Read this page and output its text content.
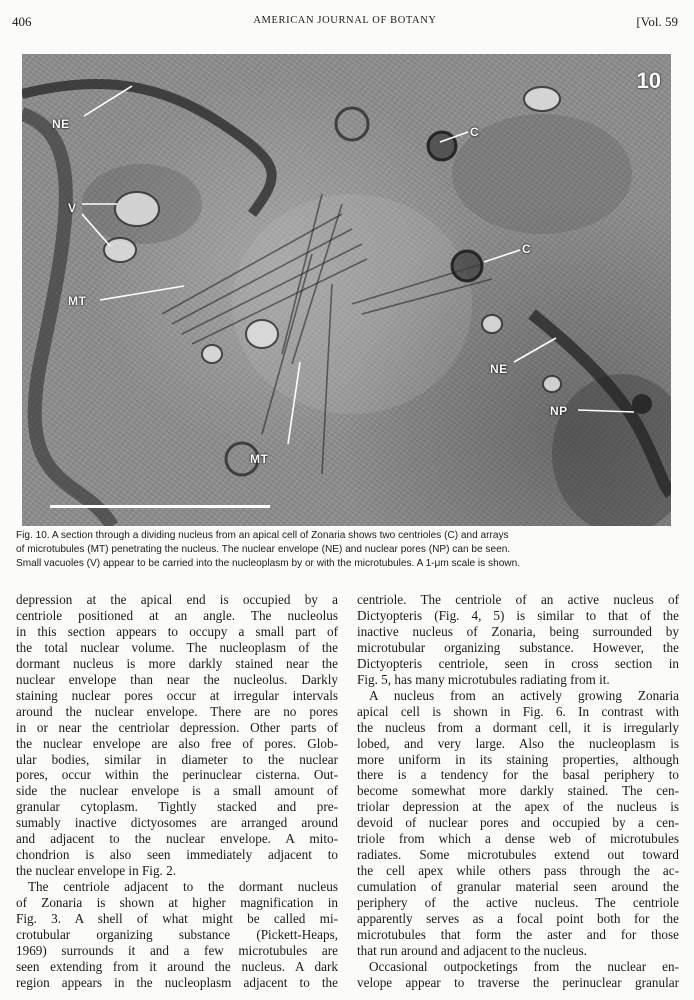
406	AMERICAN JOURNAL OF BOTANY	[Vol. 59
NE
V
MT
C
C
NE
NP
MT
10
Fig. 10. A section through a dividing nucleus from an apical cell of Zonaria shows two centrioles (C) and arrays
of microtubules (MT) penetrating the nucleus. The nuclear envelope (NE) and nuclear pores (NP) can be seen.
Small vacuoles (V) appear to be carried into the nucleoplasm by or with the microtubules. A 1-μm scale is shown.
depression at the apical end is occupied by a
centriole positioned at an angle. The nucleolus
in this section appears to occupy a small part of
the total nuclear volume. The nucleoplasm of the
dormant nucleus is more darkly stained near the
nuclear envelope than near the nucleolus. Darkly
staining nuclear pores occur at irregular intervals
around the nuclear envelope. There are no pores
in or near the centriolar depression. Other parts of
the nuclear envelope are also free of pores. Glob-
ular bodies, similar in diameter to the nuclear
pores, occur within the perinuclear cisterna. Out-
side the nuclear envelope is a small amount of
granular cytoplasm. Tightly stacked and pre-
sumably inactive dictyosomes are arranged around
and adjacent to the nuclear envelope. A mito-
chondrion is also seen immediately adjacent to
the nuclear envelope in Fig. 2.
The centriole adjacent to the dormant nucleus
of Zonaria is shown at higher magnification in
Fig. 3. A shell of what might be called mi-
crotubular organizing substance (Pickett-Heaps,
1969) surrounds it and a few microtubules are
seen extending from it around the nucleus. A dark
region appears in the nucleoplasm adjacent to the
centriole. The centriole of an active nucleus of
Dictyopteris (Fig. 4, 5) is similar to that of the
inactive nucleus of Zonaria, being surrounded by
microtubular organizing substance. However, the
Dictyopteris centriole, seen in cross section in
Fig. 5, has many microtubules radiating from it.
A nucleus from an actively growing Zonaria
apical cell is shown in Fig. 6. In contrast with
the nucleus from a dormant cell, it is irregularly
lobed, and very large. Also the nucleoplasm is
more uniform in its staining properties, although
there is a tendency for the basal periphery to
become somewhat more darkly stained. The cen-
triolar depression at the apex of the nucleus is
devoid of nuclear pores and occupied by a cen-
triole from which a dense web of microtubules
radiates. Some microtubules extend out toward
the cell apex while others pass through the ac-
cumulation of granular material seen around the
periphery of the active nucleus. The centriole
apparently serves as a focal point both for the
microtubules that form the aster and for those
that run around and adjacent to the nucleus.
Occasional outpocketings from the nuclear en-
velope appear to traverse the perinuclear granular
